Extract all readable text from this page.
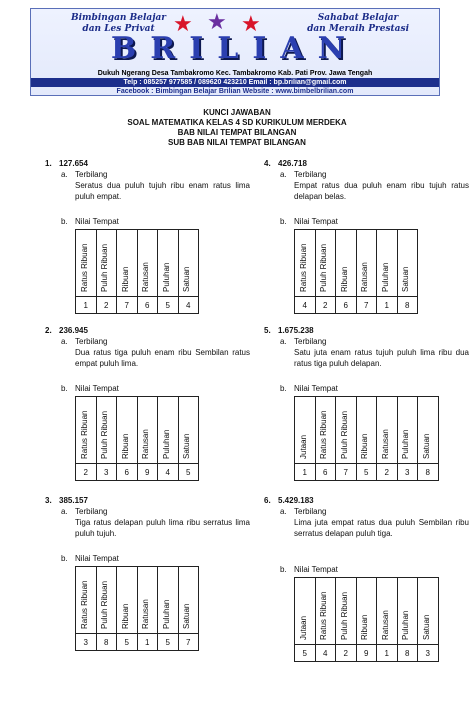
Bimbingan Belajar
dan Les Privat
Sahabat Belajar
dan Meraih Prestasi
★ ★ ★
BRILIAN
Dukuh Ngerang Desa Tambakromo Kec. Tambakromo Kab. Pati Prov. Jawa Tengah
Telp : 085257 977585 / 089620 423210 Email : bp.brilian@gmail.com
Facebook : Bimbingan Belajar Brilian Website : www.bimbelbrilian.com
KUNCI JAWABAN
SOAL MATEMATIKA KELAS 4 SD KURIKULUM MERDEKA
BAB NILAI TEMPAT BILANGAN
SUB BAB NILAI TEMPAT BILANGAN
1. 127.654
a. Terbilang
Seratus dua puluh tujuh ribu enam ratus lima puluh empat.
b. Nilai Tempat
Ratus Ribuan	Puluh Ribuan	Ribuan	Ratusan	Puluhan	Satuan

1	2	7	6	5	4
2. 236.945
a. Terbilang
Dua ratus tiga puluh enam ribu Sembilan ratus empat puluh lima.
b. Nilai Tempat
Ratus Ribuan	Puluh Ribuan	Ribuan	Ratusan	Puluhan	Satuan

2	3	6	9	4	5
3. 385.157
a. Terbilang
Tiga ratus delapan puluh lima ribu serratus lima puluh tujuh.
b. Nilai Tempat
Ratus Ribuan	Puluh Ribuan	Ribuan	Ratusan	Puluhan	Satuan

3	8	5	1	5	7
4. 426.718
a. Terbilang
Empat ratus dua puluh enam ribu tujuh ratus delapan belas.
b. Nilai Tempat
Ratus Ribuan	Puluh Ribuan	Ribuan	Ratusan	Puluhan	Satuan

4	2	6	7	1	8
5. 1.675.238
a. Terbilang
Satu juta enam ratus tujuh puluh lima ribu dua ratus tiga puluh delapan.
b. Nilai Tempat
Jutaan	Ratus Ribuan	Puluh Ribuan	Ribuan	Ratusan	Puluhan	Satuan

1	6	7	5	2	3	8
6. 5.429.183
a. Terbilang
Lima juta empat ratus dua puluh Sembilan ribu serratus delapan puluh tiga.
b. Nilai Tempat
Jutaan	Ratus Ribuan	Puluh Ribuan	Ribuan	Ratusan	Puluhan	Satuan

5	4	2	9	1	8	3
